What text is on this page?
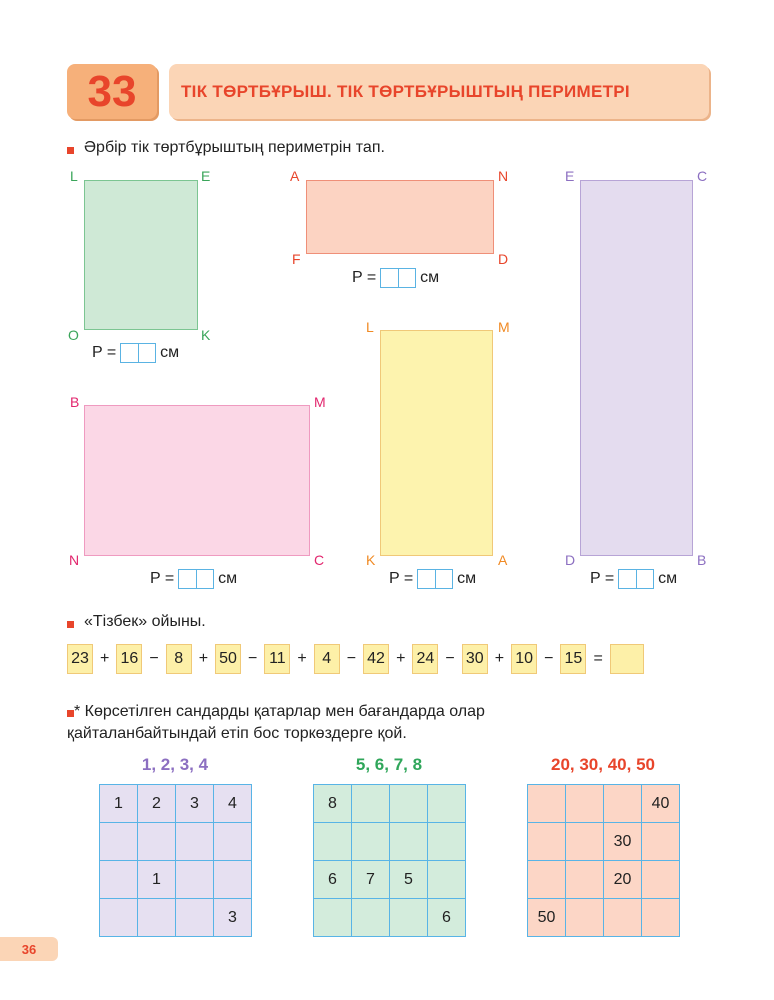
33	ТІК ТӨРТБҰРЫШ. ТІК ТӨРТБҰРЫШТЫҢ ПЕРИМЕТРІ
Әрбір тік төртбұрыштың периметрін тап.
L	E
O	K
P =	см
A	N
F	D
P =	см
E	C
D	B
P =	см
L	M
K	A
P =	см
B	M
N	C
P =	см
«Тізбек» ойыны.
23 + 16 − 8 + 50 − 11 + 4 − 42 + 24 − 30 + 10 − 15 =
* Көрсетілген сандарды қатарлар мен бағандарда олар
қайталанбайтындай етіп бос торкөздерге қой.
1, 2, 3, 4
1	2	3	4

	1		
			3
5, 6, 7, 8
8			

6	7	5	
			6
20, 30, 40, 50
			40
		30	
		20	
50			
36
